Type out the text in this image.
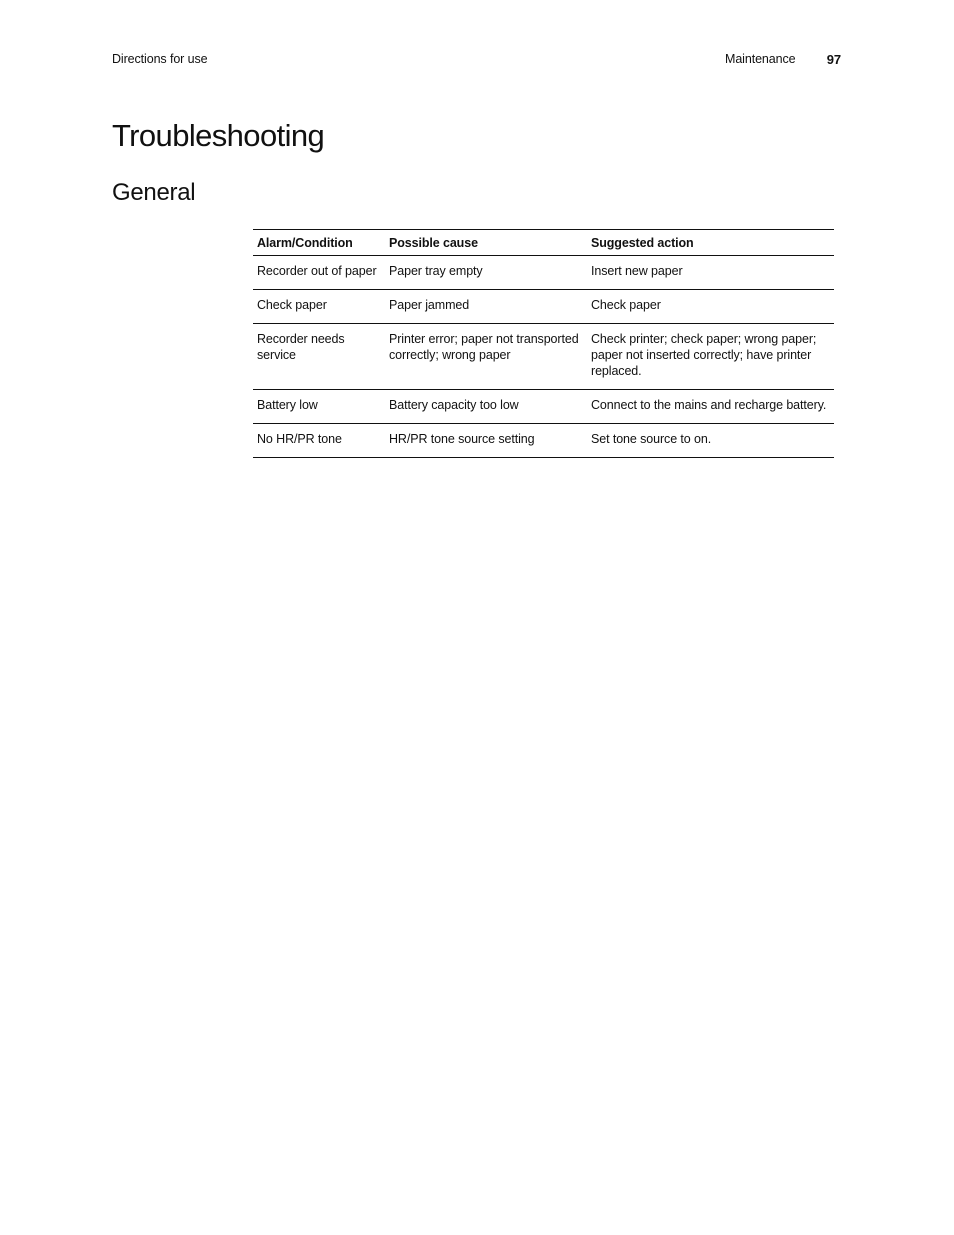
Directions for use	Maintenance 97
Troubleshooting
General
Alarm/Condition	Possible cause	Suggested action
Recorder out of paper	Paper tray empty	Insert new paper
Check paper	Paper jammed	Check paper
Recorder needs service	Printer error; paper not transported correctly; wrong paper	Check printer; check paper; wrong paper; paper not inserted correctly; have printer replaced.
Battery low	Battery capacity too low	Connect to the mains and recharge battery.
No HR/PR tone	HR/PR tone source setting	Set tone source to on.
